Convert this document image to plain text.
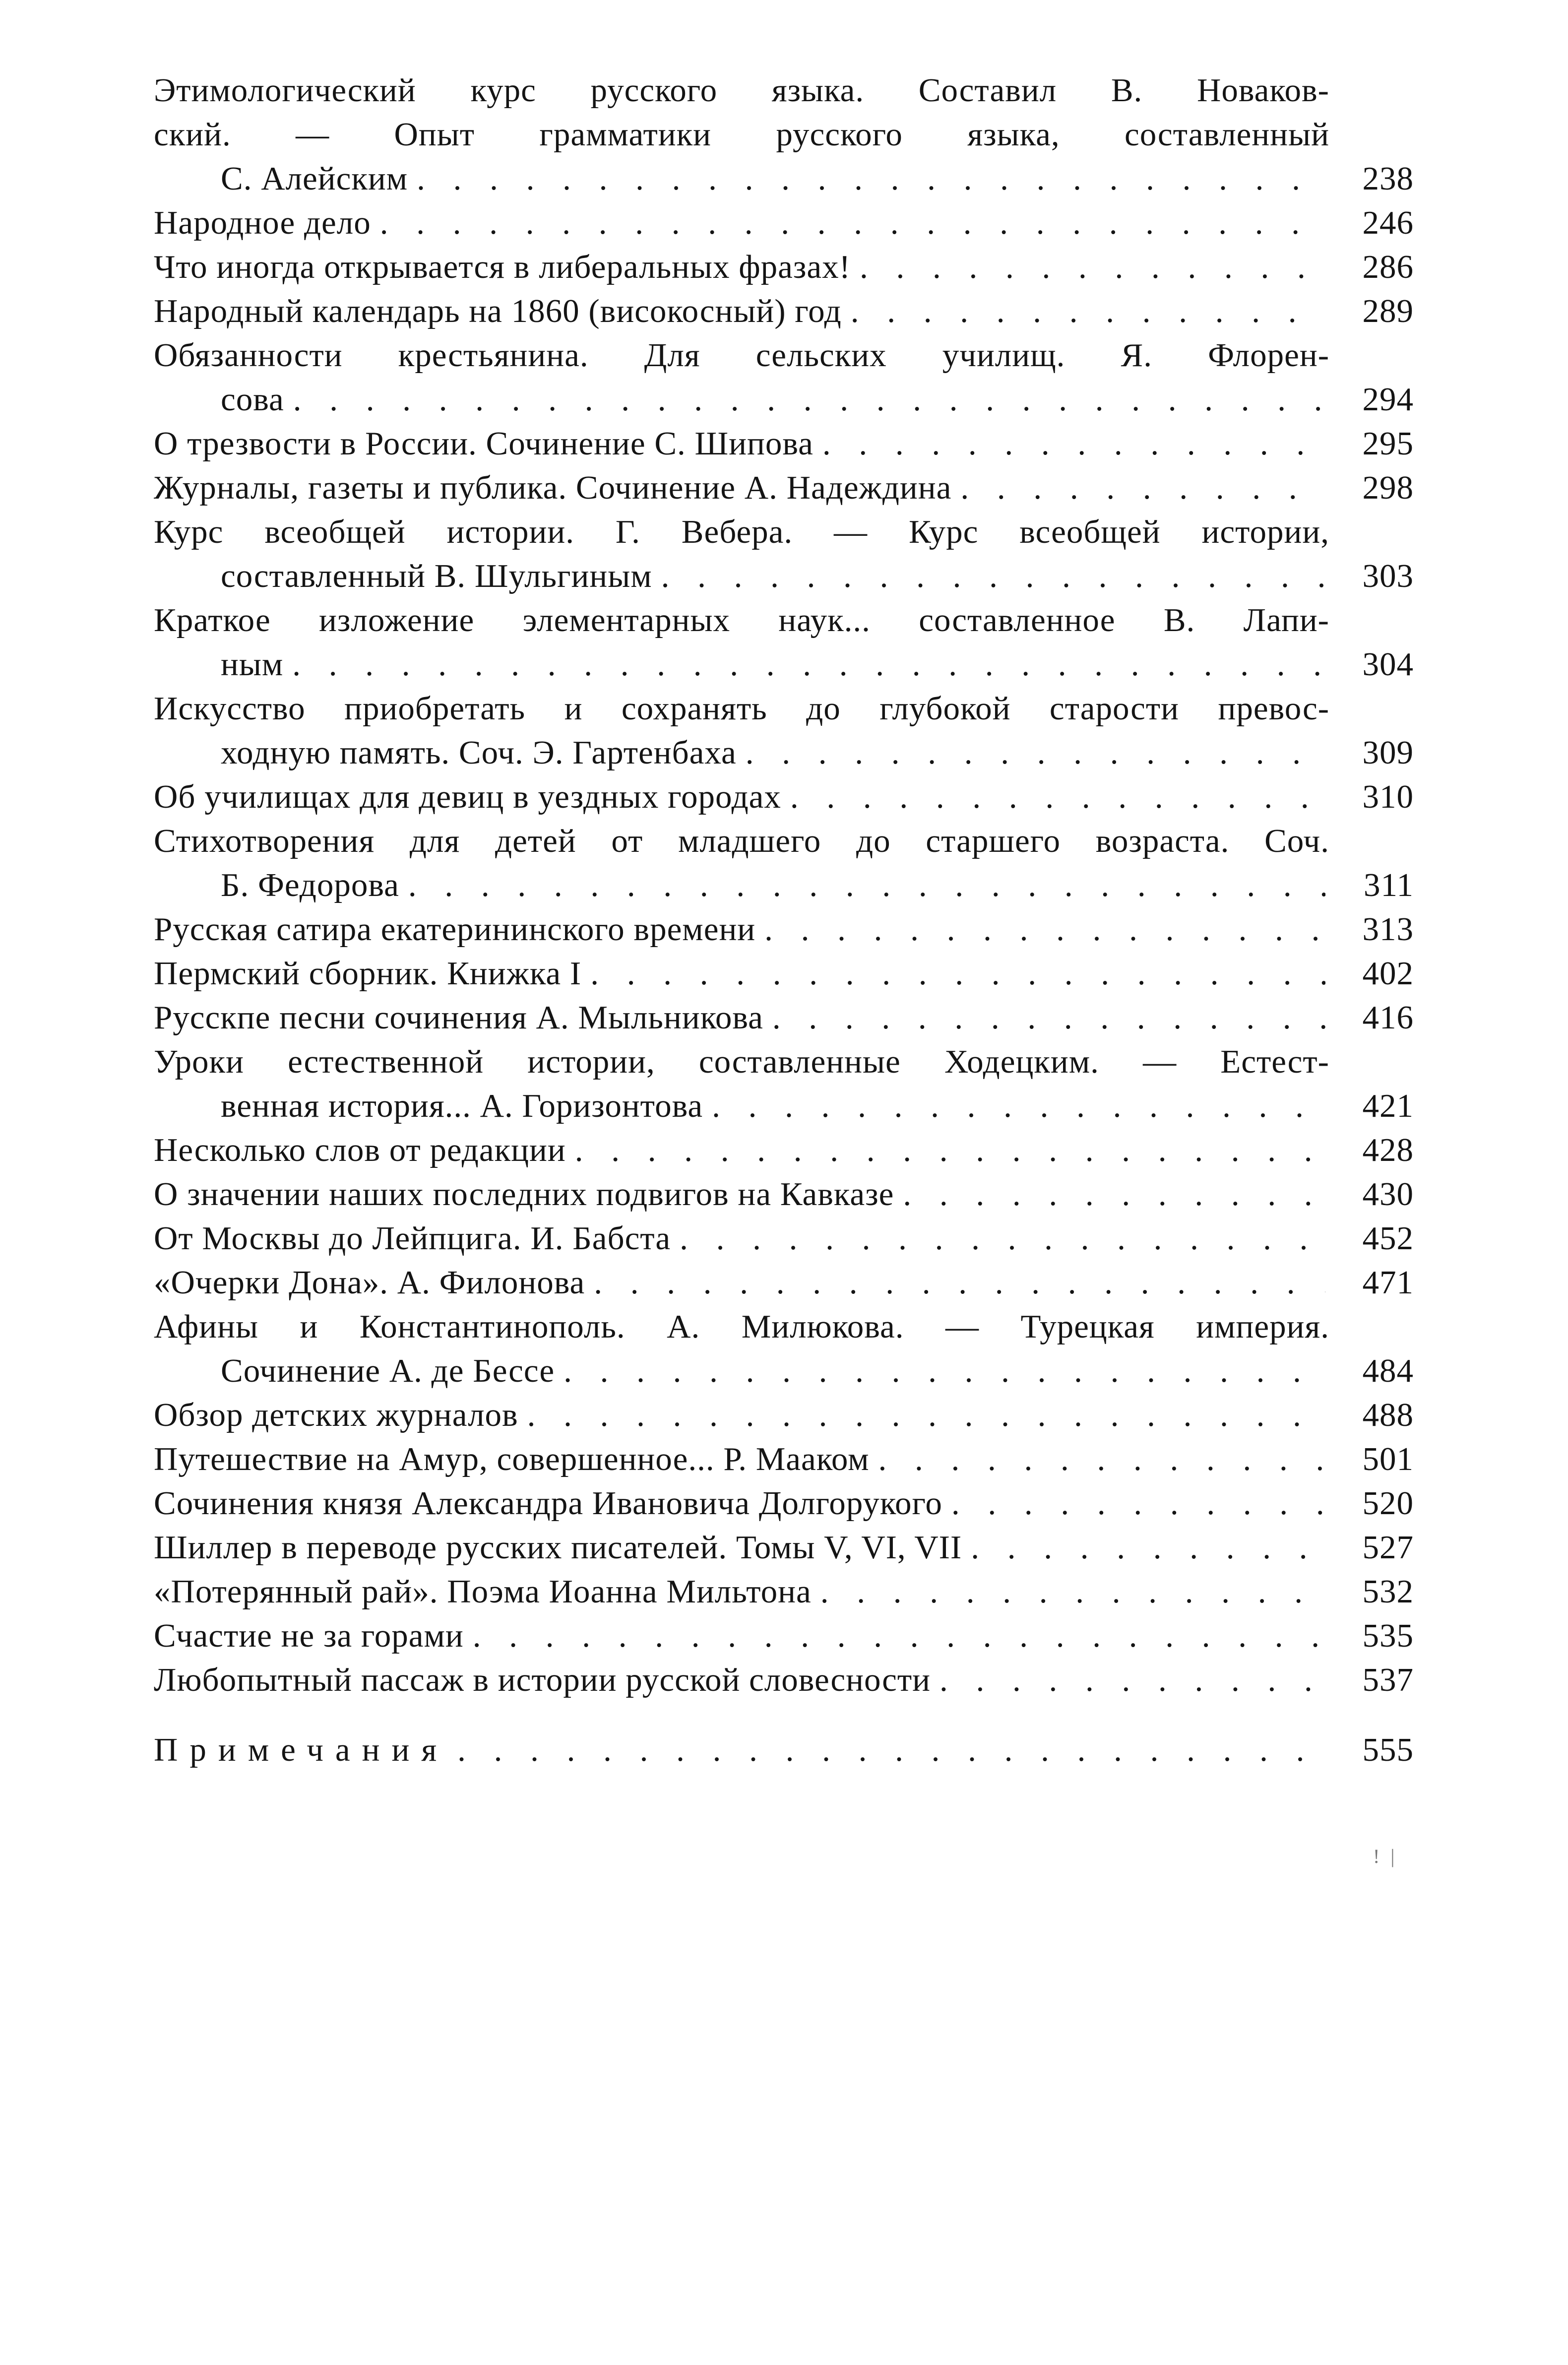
Этимологический курс русского языка. Составил В. Новаков-
ский. — Опыт грамматики русского языка, составленный
С. Алейским . . .	238
Народное дело . . .	246
Что иногда открывается в либеральных фразах! . . .	286
Народный календарь на 1860 (високосный) год . . .	289
Обязанности крестьянина. Для сельских училищ. Я. Флорен-
сова . . .	294
О трезвости в России. Сочинение С. Шипова . . .	295
Журналы, газеты и публика. Сочинение А. Надеждина . . .	298
Курс всеобщей истории. Г. Вебера. — Курс всеобщей истории,
составленный В. Шульгиным . . .	303
Краткое изложение элементарных наук... составленное В. Лапи-
ным . . .	304
Искусство приобретать и сохранять до глубокой старости превос-
ходную память. Соч. Э. Гартенбаха . . .	309
Об училищах для девиц в уездных городах . . .	310
Стихотворения для детей от младшего до старшего возраста. Соч.
Б. Федорова . . .	311
Русская сатира екатерининского времени . . .	313
Пермский сборник. Книжка I . . .	402
Русскпе песни сочинения А. Мыльникова . . .	416
Уроки естественной истории, составленные Ходецким. — Естест-
венная история... А. Горизонтова . . .	421
Несколько слов от редакции . . .	428
О значении наших последних подвигов на Кавказе . . .	430
От Москвы до Лейпцига. И. Бабста . . .	452
«Очерки Дона». А. Филонова . . .	471
Афины и Константинополь. А. Милюкова. — Турецкая империя.
Сочинение А. де Бессе . . .	484
Обзор детских журналов . . .	488
Путешествие на Амур, совершенное... Р. Мааком . . .	501
Сочинения князя Александра Ивановича Долгорукого . . .	520
Шиллер в переводе русских писателей. Томы V, VI, VII . . .	527
«Потерянный рай». Поэма Иоанна Мильтона . . .	532
Счастие не за горами . . .	535
Любопытный пассаж в истории русской словесности . . .	537
Примечания . . .	555
! |
